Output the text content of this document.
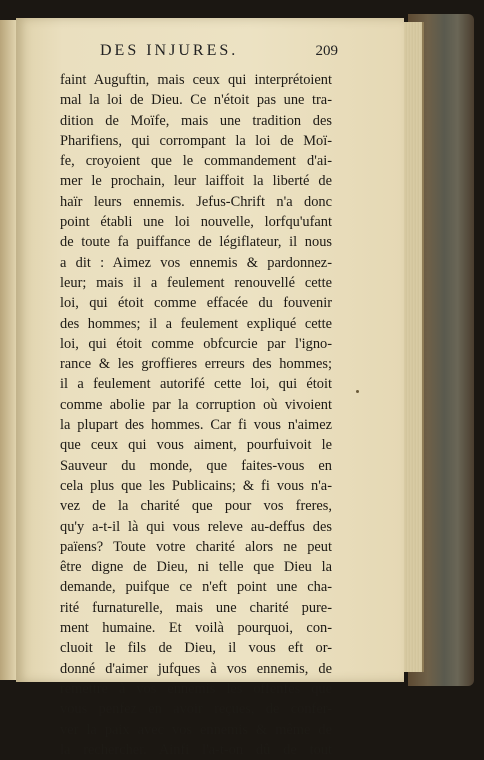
DES INJURES.	209
faint Auguftin, mais ceux qui interprétoient
mal la loi de Dieu. Ce n'étoit pas une tra-
dition de Moïfe, mais une tradition des
Pharifiens, qui corrompant la loi de Moï-
fe, croyoient que le commandement d'ai-
mer le prochain, leur laiffoit la liberté de
haïr leurs ennemis. Jefus-Chrift n'a donc
point établi une loi nouvelle, lorfqu'ufant
de toute fa puiffance de légiflateur, il nous
a dit : Aimez vos ennemis & pardonnez-
leur; mais il a feulement renouvellé cette
loi, qui étoit comme effacée du fouvenir
des hommes; il a feulement expliqué cette
loi, qui étoit comme obfcurcie par l'igno-
rance & les groffieres erreurs des hommes;
il a feulement autorifé cette loi, qui étoit
comme abolie par la corruption où vivoient
la plupart des hommes. Car fi vous n'aimez
que ceux qui vous aiment, pourfuivoit le
Sauveur du monde, que faites-vous en
cela plus que les Publicains; & fi vous n'a-
vez de la charité que pour vos freres,
qu'y a-t-il là qui vous releve au-deffus des
païens? Toute votre charité alors ne peut
être digne de Dieu, ni telle que Dieu la
demande, puifque ce n'eft point une cha-
rité furnaturelle, mais une charité pure-
ment humaine. Et voilà pourquoi, con-
cluoit le fils de Dieu, il vous eft or-
donné d'aimer jufques à vos ennemis, de
remettre à vos ennemis les offenfes que
vous penfez en avoir reçues, de confer-
ver la paix avec vos ennemis & même de
la rechercher. Ainfi l'a-t-on dû de tout
